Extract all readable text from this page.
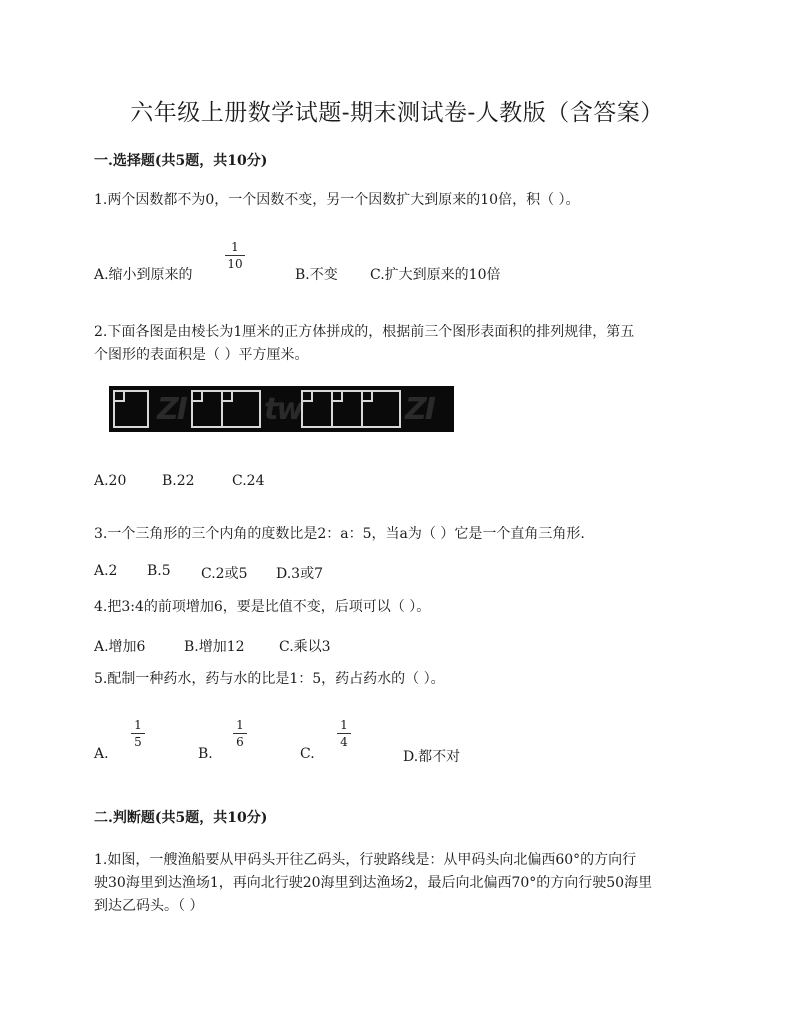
六年级上册数学试题-期末测试卷-人教版（含答案）
一.选择题(共5题，共10分)
1.两个因数都不为0，一个因数不变，另一个因数扩大到原来的10倍，积（ ）。
A.缩小到原来的
1
10
B.不变 C.扩大到原来的10倍
2.下面各图是由棱长为1厘米的正方体拼成的，根据前三个图形表面积的排列规律，第五
个图形的表面积是（ ）平方厘米。
ZI	tw	ZI
A.20	B.22	C.24
3.一个三角形的三个内角的度数比是2：a：5，当a为（ ）它是一个直角三角形.
A.2 B.5 C.2或5 D.3或7
4.把3:4的前项增加6，要是比值不变，后项可以（ ）。
A.增加6	B.增加12 C.乘以3
5.配制一种药水，药与水的比是1：5，药占药水的（ ）。
A.
1
5
B.
1
6
C.
1
4
D.都不对
二.判断题(共5题，共10分)
1.如图，一艘渔船要从甲码头开往乙码头，行驶路线是：从甲码头向北偏西60°的方向行
驶30海里到达渔场1，再向北行驶20海里到达渔场2，最后向北偏西70°的方向行驶50海里
到达乙码头。（ ）
